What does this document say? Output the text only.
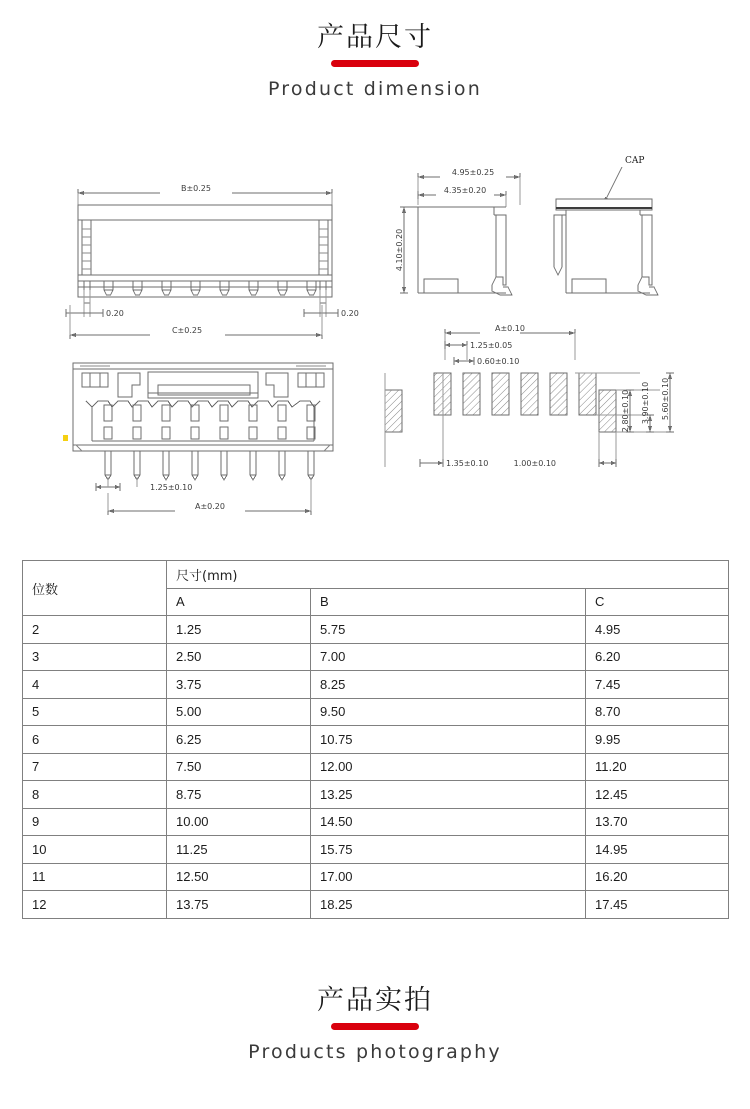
产品尺寸
Product dimension
B±0.25
0.20	0.20
C±0.25
4.95±0.25
4.35±0.20
4.10±0.20
CAP
1.25±0.10
A±0.20
A±0.10
1.25±0.05
0.60±0.10
2.80±0.10 3.90±0.10 5.60±0.10
1.35±0.10	1.00±0.10
位数	尺寸(mm)		
	A	B	C
2	1.25	5.75	4.95
3	2.50	7.00	6.20
4	3.75	8.25	7.45
5	5.00	9.50	8.70
6	6.25	10.75	9.95
7	7.50	12.00	11.20
8	8.75	13.25	12.45
9	10.00	14.50	13.70
10	11.25	15.75	14.95
11	12.50	17.00	16.20
12	13.75	18.25	17.45
产品实拍
Products photography
